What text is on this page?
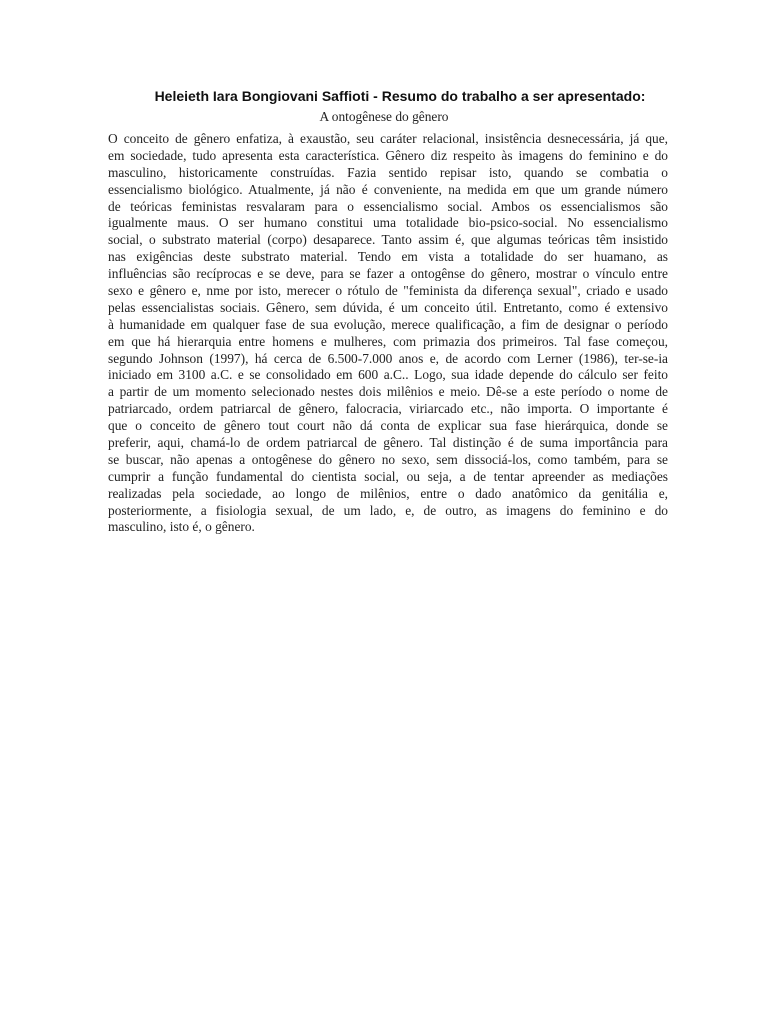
Heleieth Iara Bongiovani Saffioti - Resumo do trabalho a ser apresentado:
A ontogênese do gênero
O conceito de gênero enfatiza, à exaustão, seu caráter relacional, insistência desnecessária, já que,
em sociedade, tudo apresenta esta característica. Gênero diz respeito às imagens do feminino e do
masculino, historicamente construídas. Fazia sentido repisar isto, quando se combatia o
essencialismo biológico. Atualmente, já não é conveniente, na medida em que um grande número
de teóricas feministas resvalaram para o essencialismo social. Ambos os essencialismos são
igualmente maus. O ser humano constitui uma totalidade bio-psico-social. No essencialismo
social, o substrato material (corpo) desaparece. Tanto assim é, que algumas teóricas têm insistido
nas exigências deste substrato material. Tendo em vista a totalidade do ser huamano, as
influências são recíprocas e se deve, para se fazer a ontogênse do gênero, mostrar o vínculo entre
sexo e gênero e, nme por isto, merecer o rótulo de "feminista da diferença sexual", criado e usado
pelas essencialistas sociais. Gênero, sem dúvida, é um conceito útil. Entretanto, como é extensivo
à humanidade em qualquer fase de sua evolução, merece qualificação, a fim de designar o período
em que há hierarquia entre homens e mulheres, com primazia dos primeiros. Tal fase começou,
segundo Johnson (1997), há cerca de 6.500-7.000 anos e, de acordo com Lerner (1986), ter-se-ia
iniciado em 3100 a.C. e se consolidado em 600 a.C.. Logo, sua idade depende do cálculo ser feito
a partir de um momento selecionado nestes dois milênios e meio. Dê-se a este período o nome de
patriarcado, ordem patriarcal de gênero, falocracia, viriarcado etc., não importa. O importante é
que o conceito de gênero tout court não dá conta de explicar sua fase hierárquica, donde se
preferir, aqui, chamá-lo de ordem patriarcal de gênero. Tal distinção é de suma importância para
se buscar, não apenas a ontogênese do gênero no sexo, sem dissociá-los, como também, para se
cumprir a função fundamental do cientista social, ou seja, a de tentar apreender as mediações
realizadas pela sociedade, ao longo de milênios, entre o dado anatômico da genitália e,
posteriormente, a fisiologia sexual, de um lado, e, de outro, as imagens do feminino e do
masculino, isto é, o gênero.
